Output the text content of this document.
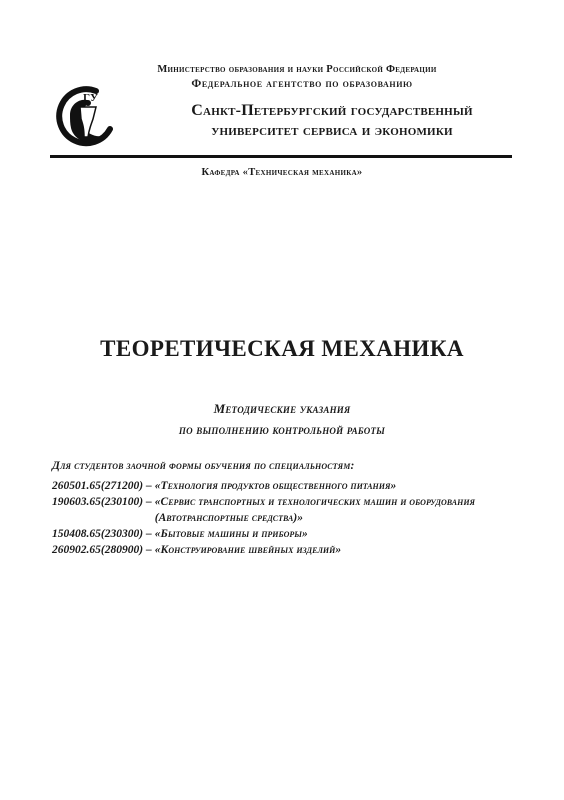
Министерство образования и науки Российской Федерации
Федеральное агентство по образованию
ГУ
Санкт-Петербургский государственный
университет сервиса и экономики
Кафедра «Техническая механика»
ТЕОРЕТИЧЕСКАЯ МЕХАНИКА
Методические указания
по выполнению контрольной работы
Для студентов заочной формы обучения по специальностям:
260501.65(271200) – «Технология продуктов общественного питания»
190603.65(230100) – «Сервис транспортных и технологических машин и оборудования (Автотранспортные средства)»
150408.65(230300) – «Бытовые машины и приборы»
260902.65(280900) – «Конструирование швейных изделий»
